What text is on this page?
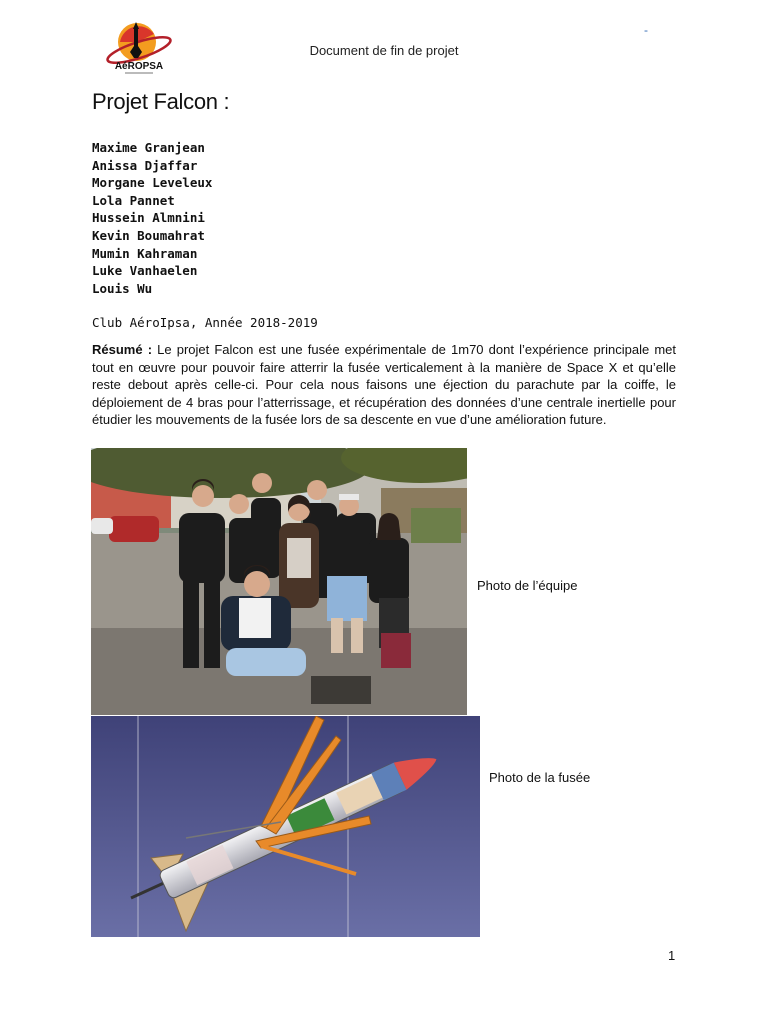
AéROPSA
Document de fin de projet
-
Projet Falcon :
Maxime Granjean
Anissa Djaffar
Morgane Leveleux
Lola Pannet
Hussein Almnini
Kevin Boumahrat
Mumin Kahraman
Luke Vanhaelen
Louis Wu
Club AéroIpsa, Année 2018-2019

Résumé : Le projet Falcon est une fusée expérimentale de 1m70 dont l’expérience principale met tout en œuvre pour pouvoir faire atterrir la fusée verticalement à la manière de Space X et qu’elle reste debout après celle-ci. Pour cela nous faisons une éjection du parachute par la coiffe, le déploiement de 4 bras pour l’atterrissage, et récupération des données d’une centrale inertielle pour étudier les mouvements de la fusée lors de sa descente en vue d’une amélioration future.

Photo de l’équipe
Photo de la fusée
1
